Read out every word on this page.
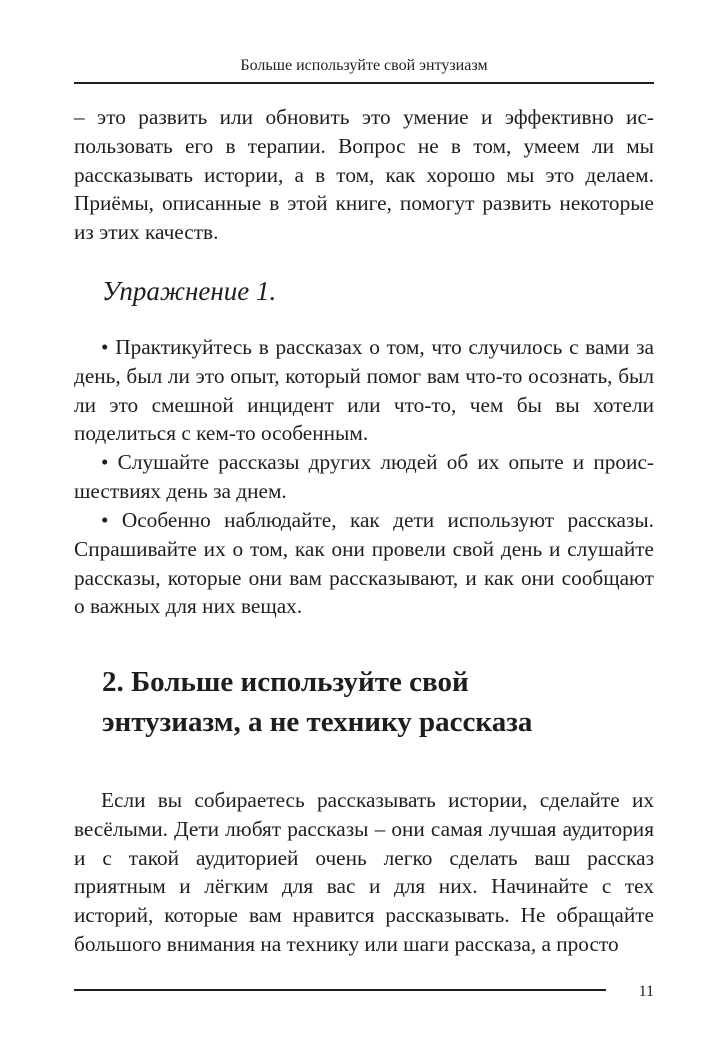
Больше используйте свой энтузиазм

– это развить или обновить это умение и эффективно использовать его в терапии. Вопрос не в том, умеем ли мы рассказывать истории, а в том, как хорошо мы это делаем. Приёмы, описанные в этой книге, помогут развить некоторые из этих качеств.

Упражнение 1.

• Практикуйтесь в рассказах о том, что случилось с вами за день, был ли это опыт, который помог вам что-то осознать, был ли это смешной инцидент или что-то, чем бы вы хотели поделиться с кем-то особенным.

• Слушайте рассказы других людей об их опыте и происшествиях день за днем.

• Особенно наблюдайте, как дети используют рассказы. Спрашивайте их о том, как они провели свой день и слушайте рассказы, которые они вам рассказывают, и как они сообщают о важных для них вещах.

2. Больше используйте свой
энтузиазм, а не технику рассказа

Если вы собираетесь рассказывать истории, сделайте их весёлыми. Дети любят рассказы – они самая лучшая аудитория и с такой аудиторией очень легко сделать ваш рассказ приятным и лёгким для вас и для них. Начинайте с тех историй, которые вам нравится рассказывать. Не обращайте большого внимания на технику или шаги рассказа, а просто

11
